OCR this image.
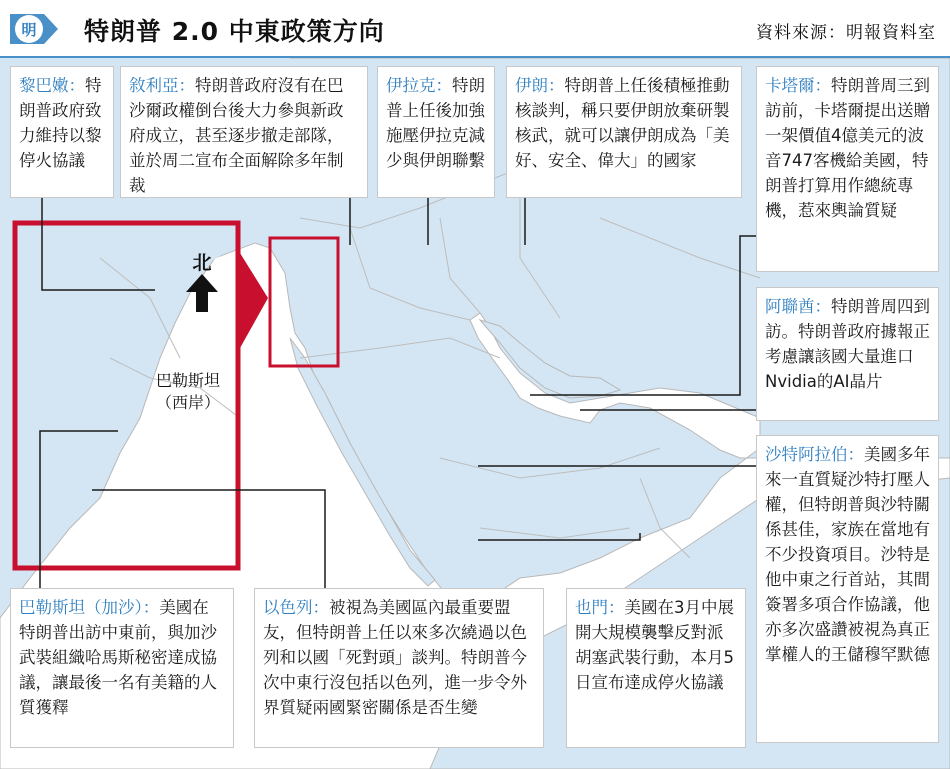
明 特朗普 2.0 中東政策方向	資料來源：明報資料室
北
巴勒斯坦
（西岸）
黎巴嫩：特朗普政府致力維持以黎停火協議
敘利亞：特朗普政府沒有在巴沙爾政權倒台後大力參與新政府成立，甚至逐步撤走部隊，並於周二宣布全面解除多年制裁
伊拉克：特朗普上任後加強施壓伊拉克減少與伊朗聯繫
伊朗：特朗普上任後積極推動核談判，稱只要伊朗放棄研製核武，就可以讓伊朗成為「美好、安全、偉大」的國家
卡塔爾：特朗普周三到訪前，卡塔爾提出送贈一架價值4億美元的波音747客機給美國，特朗普打算用作總統專機，惹來輿論質疑
阿聯酋：特朗普周四到訪。特朗普政府據報正考慮讓該國大量進口Nvidia的AI晶片
沙特阿拉伯：美國多年來一直質疑沙特打壓人權，但特朗普與沙特關係甚佳，家族在當地有不少投資項目。沙特是他中東之行首站，其間簽署多項合作協議，他亦多次盛讚被視為真正掌權人的王儲穆罕默德
巴勒斯坦（加沙）：美國在特朗普出訪中東前，與加沙武裝組織哈馬斯秘密達成協議，讓最後一名有美籍的人質獲釋
以色列：被視為美國區內最重要盟友，但特朗普上任以來多次繞過以色列和以國「死對頭」談判。特朗普今次中東行沒包括以色列，進一步令外界質疑兩國緊密關係是否生變
也門：美國在3月中展開大規模襲擊反對派胡塞武裝行動，本月5日宣布達成停火協議
